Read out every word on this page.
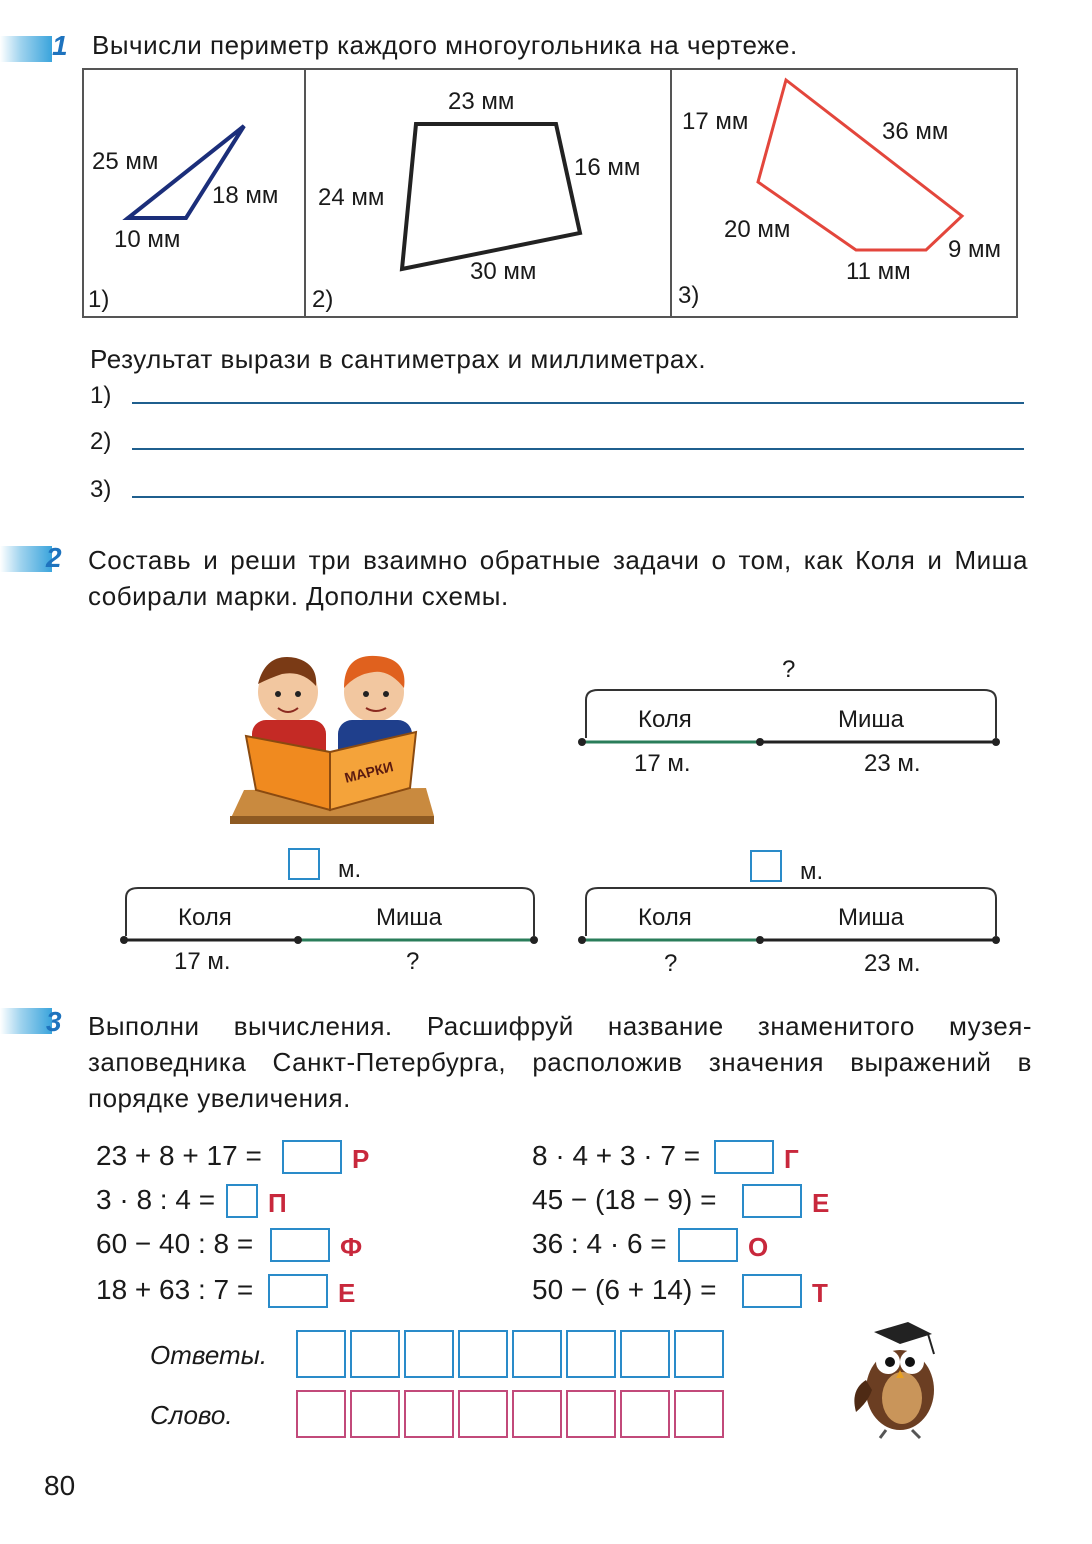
1 Вычисли периметр каждого многоугольника на чертеже.
25 мм
18 мм
10 мм
1)
23 мм
16 мм
24 мм
30 мм
2)
17 мм	36 мм
20 мм
9 мм
11 мм
3)
Результат вырази в сантиметрах и миллиметрах.
1)
2)
3)
2 Составь и реши три взаимно обратные задачи о том, как Коля и Миша собирали марки. Дополни схемы.
МАРКИ
?
Коля	Миша
17 м.	23 м.
м.
Коля	Миша
17 м.	?
м.
Коля	Миша
?	23 м.
3 Выполни вычисления. Расшифруй название знаменитого музея-заповедника Санкт-Петербурга, расположив значения выражений в порядке увеличения.
23 + 8 + 17 =	Р
3 · 8 : 4 = П
60 − 40 : 8 =	Ф
18 + 63 : 7 =	Е
8 · 4 + 3 · 7 =	Г
45 − (18 − 9) =	Е
36 : 4 · 6 =	О
50 − (6 + 14) =	Т
Ответы.
Слово.
80
